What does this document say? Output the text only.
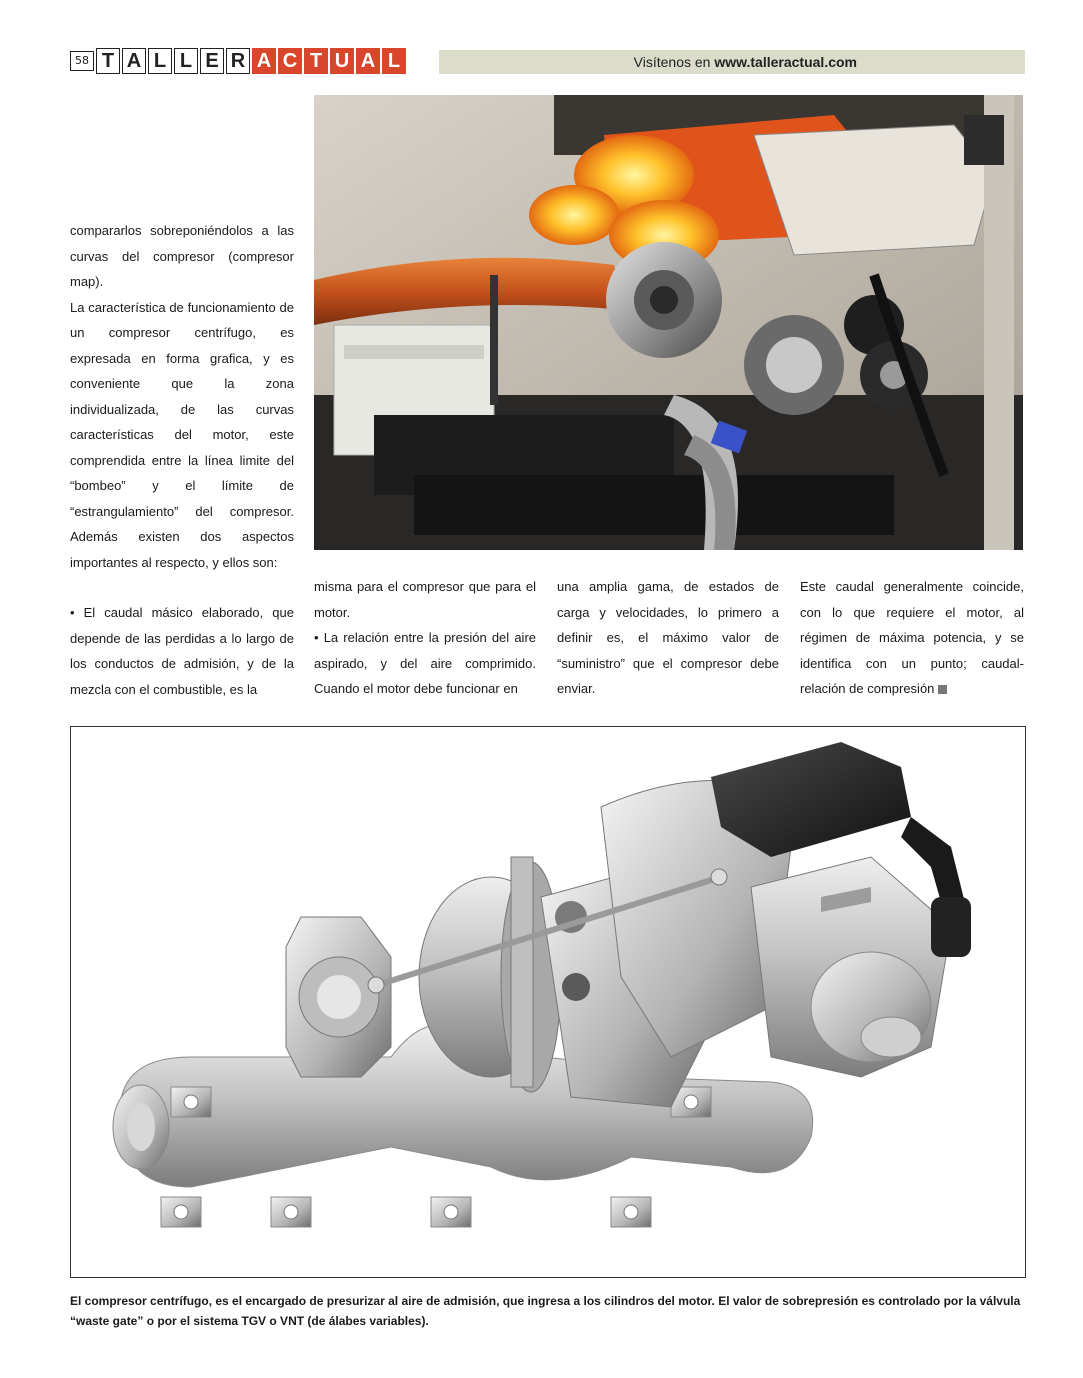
58 T A L L E R A C T U A L	Visítenos en www.talleractual.com

compararlos sobreponiéndolos a las curvas del compresor (compresor map).

La característica de funcionamiento de un compresor centrífugo, es expresada en forma grafica, y es conveniente que la zona individualizada, de las curvas características del motor, este comprendida entre la línea limite del “bombeo” y el límite de “estrangulamiento” del compresor. Además existen dos aspectos importantes al respecto, y ellos son:

• El caudal másico elaborado, que depende de las perdidas a lo largo de los conductos de admisión, y de la mezcla con el combustible, es la

misma para el compresor que para el motor.

• La relación entre la presión del aire aspirado, y del aire comprimido. Cuando el motor debe funcionar en

una amplia gama, de estados de carga y velocidades, lo primero a definir es, el máximo valor de “suministro” que el compresor debe enviar.

Este caudal generalmente coincide, con lo que requiere el motor, al régimen de máxima potencia, y se identifica con un punto; caudal-relación de compresión

El compresor centrífugo, es el encargado de presurizar al aire de admisión, que ingresa a los cilindros del motor. El valor de sobrepresión es controlado por la válvula “waste gate” o por el sistema TGV o VNT (de álabes variables).
